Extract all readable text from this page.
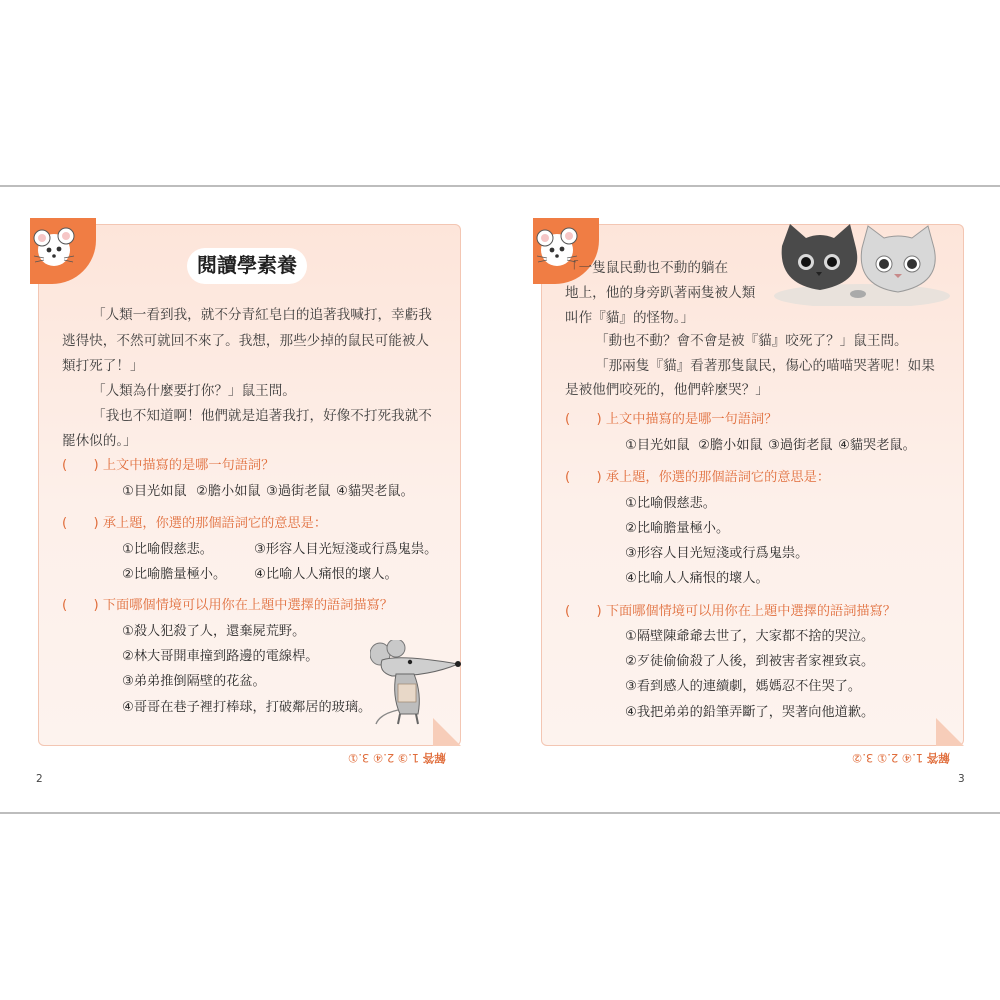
閱讀學素養
「人類一看到我，就不分青紅皂白的追著我喊打，幸虧我
逃得快，不然可就回不來了。我想，那些少掉的鼠民可能被人
類打死了！」
「人類為什麼要打你？」鼠王問。
「我也不知道啊！他們就是追著我打，好像不打死我就不
罷休似的。」
(　　) 上文中描寫的是哪一句語詞？
①目光如鼠 ②膽小如鼠 ③過街老鼠 ④貓哭老鼠。
(　　) 承上題，你選的那個語詞它的意思是：
①比喻假慈悲。	③形容人目光短淺或行爲鬼祟。
②比喻膽量極小。 ④比喻人人痛恨的壞人。
(　　) 下面哪個情境可以用你在上題中選擇的語詞描寫？
①殺人犯殺了人，還棄屍荒野。
②林大哥開車撞到路邊的電線桿。
③弟弟推倒隔壁的花盆。
④哥哥在巷子裡打棒球，打破鄰居的玻璃。
解答 1.③ 2.④ 3.①
2
「一隻鼠民動也不動的躺在
地上，他的身旁趴著兩隻被人類
叫作『貓』的怪物。」
「動也不動？會不會是被『貓』咬死了？」鼠王問。
「那兩隻『貓』看著那隻鼠民，傷心的喵喵哭著呢！如果
是被他們咬死的，他們幹麼哭？」
(　　) 上文中描寫的是哪一句語詞？
①目光如鼠 ②膽小如鼠 ③過街老鼠 ④貓哭老鼠。
(　　) 承上題，你選的那個語詞它的意思是：
①比喻假慈悲。
②比喻膽量極小。
③形容人目光短淺或行爲鬼祟。
④比喻人人痛恨的壞人。
(　　) 下面哪個情境可以用你在上題中選擇的語詞描寫？
①隔壁陳爺爺去世了，大家都不捨的哭泣。
②歹徒偷偷殺了人後，到被害者家裡致哀。
③看到感人的連續劇，媽媽忍不住哭了。
④我把弟弟的鉛筆弄斷了，哭著向他道歉。
解答 1.④ 2.① 3.②
3
